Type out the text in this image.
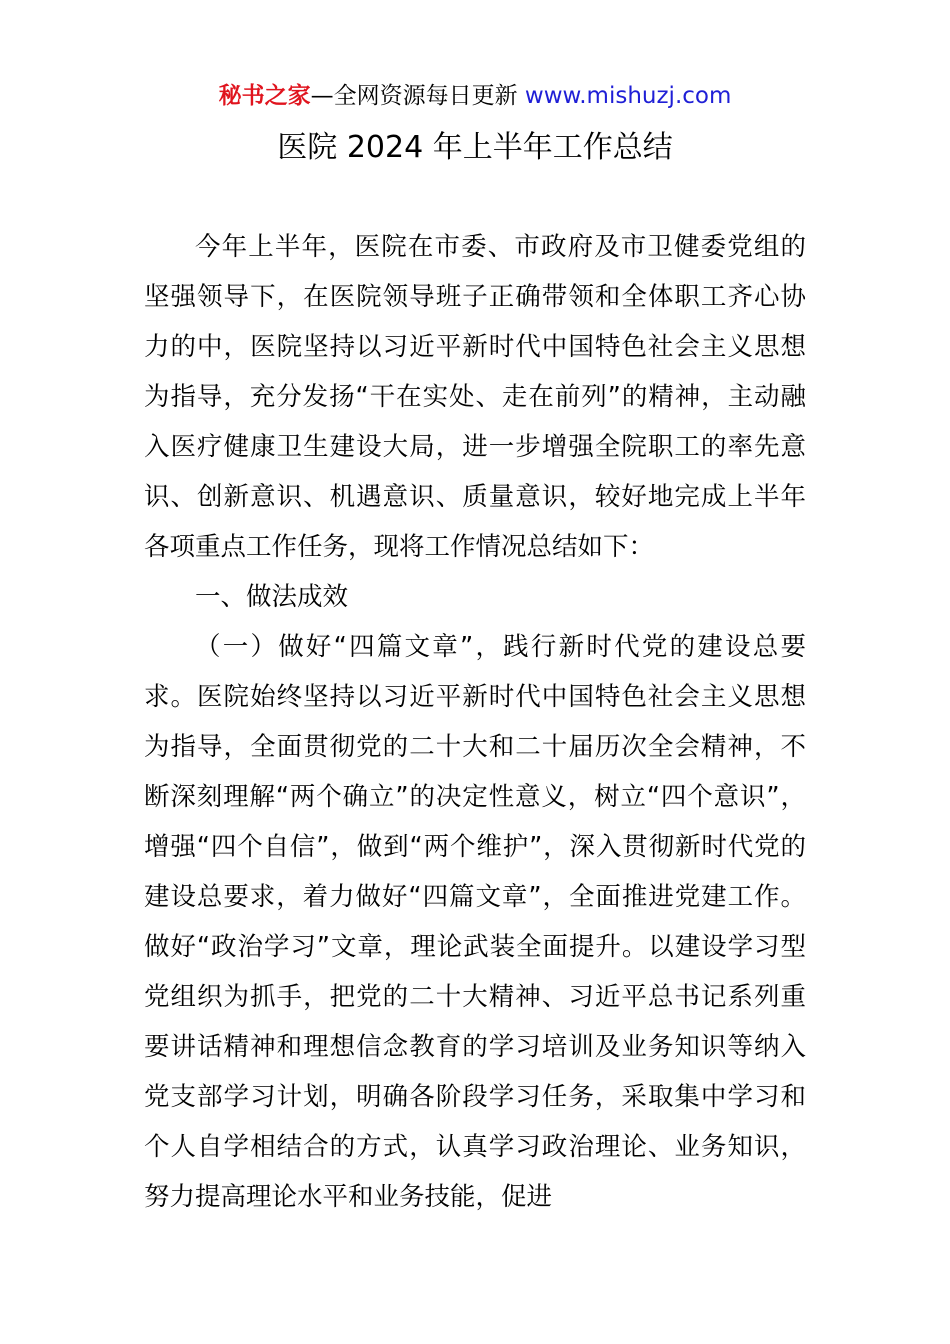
秘书之家—全网资源每日更新 www.mishuzj.com
医院 2024 年上半年工作总结

今年上半年，医院在市委、市政府及市卫健委党组的坚强领导下，在医院领导班子正确带领和全体职工齐心协力的中，医院坚持以习近平新时代中国特色社会主义思想为指导，充分发扬“干在实处、走在前列”的精神，主动融入医疗健康卫生建设大局，进一步增强全院职工的率先意识、创新意识、机遇意识、质量意识，较好地完成上半年各项重点工作任务，现将工作情况总结如下：

一、做法成效

（一）做好“四篇文章”，践行新时代党的建设总要求。医院始终坚持以习近平新时代中国特色社会主义思想为指导，全面贯彻党的二十大和二十届历次全会精神，不断深刻理解“两个确立”的决定性意义，树立“四个意识”，增强“四个自信”，做到“两个维护”，深入贯彻新时代党的建设总要求，着力做好“四篇文章”，全面推进党建工作。做好“政治学习”文章，理论武装全面提升。以建设学习型党组织为抓手，把党的二十大精神、习近平总书记系列重要讲话精神和理想信念教育的学习培训及业务知识等纳入党支部学习计划，明确各阶段学习任务，采取集中学习和个人自学相结合的方式，认真学习政治理论、业务知识，努力提高理论水平和业务技能，促进
